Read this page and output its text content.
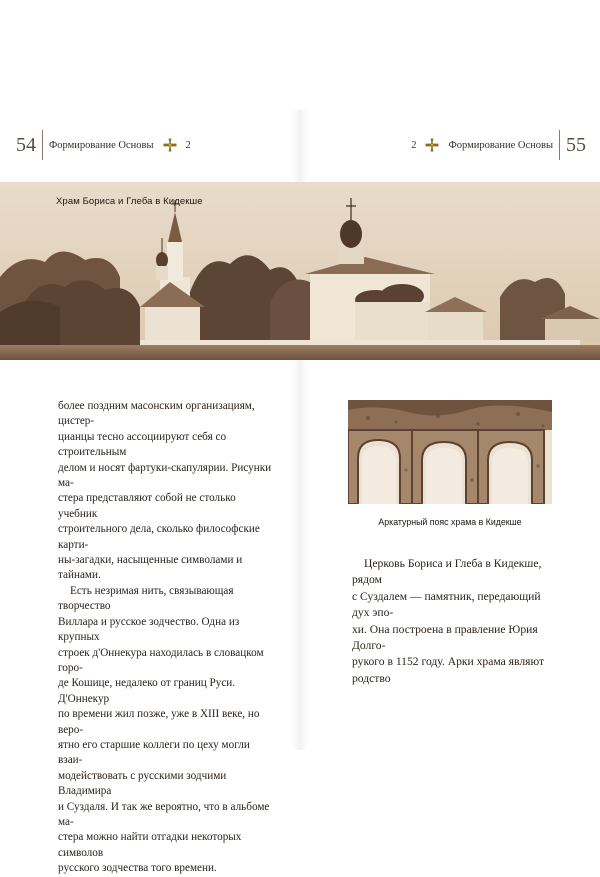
54 Формирование Основы	2	2	Формирование Основы 55
Храм Бориса и Глеба в Кидекше

более поздним масонским организациям, цистер-
цианцы тесно ассоциируют себя со строительным
делом и носят фартуки-скапулярии. Рисунки ма-
стера представляют собой не столько учебник
строительного дела, сколько философские карти-
ны-загадки, насыщенные символами и тайнами.

Есть незримая нить, связывающая творчество
Виллара и русское зодчество. Одна из крупных
строек д'Оннекура находилась в словацком горо-
де Кошице, недалеко от границ Руси. Д'Оннекур
по времени жил позже, уже в XIII веке, но веро-
ятно его старшие коллеги по цеху могли взаи-
модействовать с русскими зодчими Владимира
и Суздаля. И так же вероятно, что в альбоме ма-
стера можно найти отгадки некоторых символов
русского зодчества того времени.

Аркатурный пояс храма в Кидекше

Церковь Бориса и Глеба в Кидекше, рядом
с Суздалем — памятник, передающий дух эпо-
хи. Она построена в правление Юрия Долго-
рукого в 1152 году. Арки храма являют родство
